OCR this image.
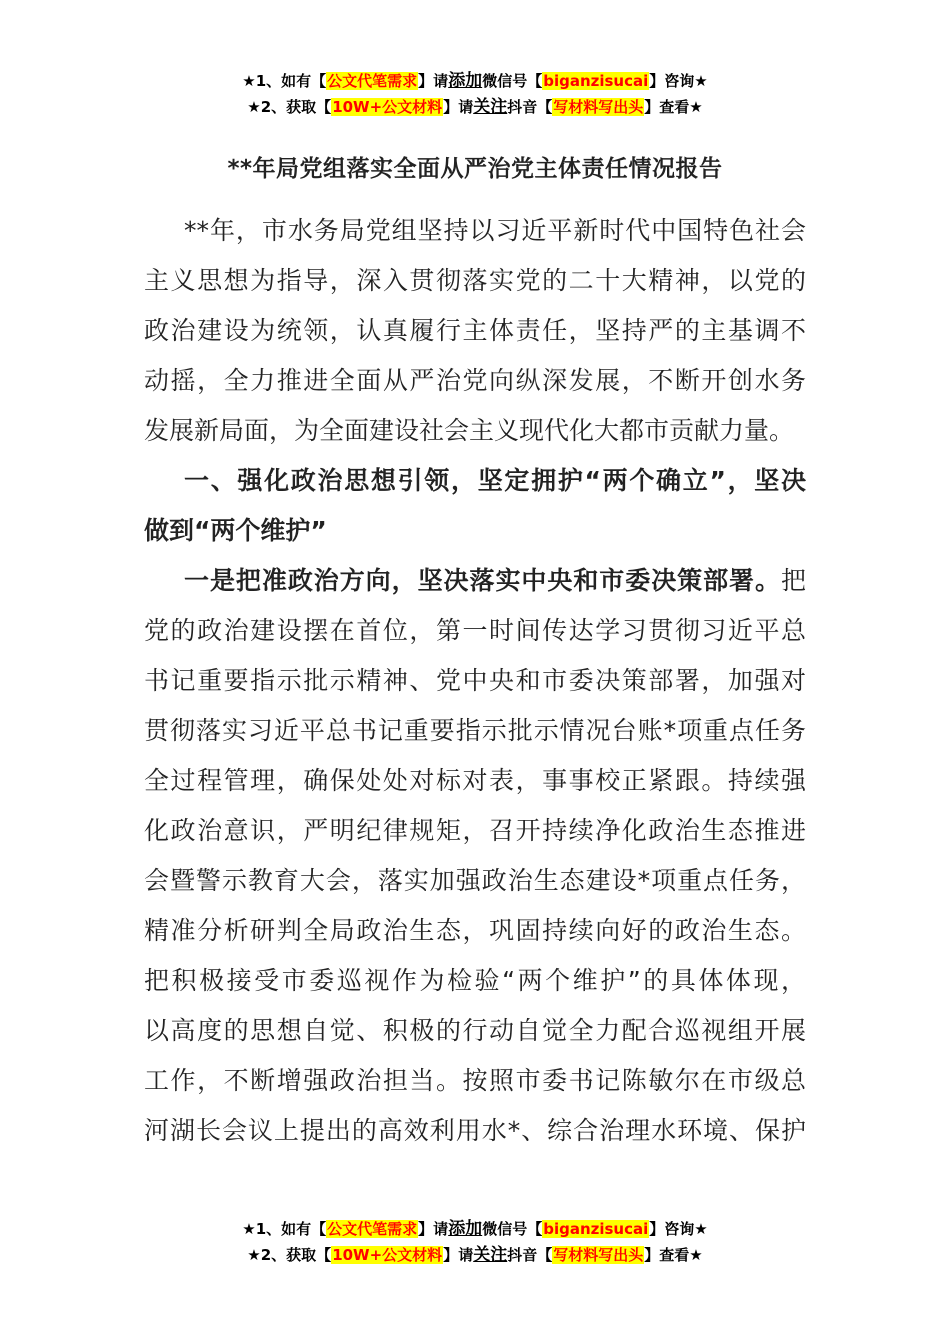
★1、如有【公文代笔需求】请添加微信号【biganzisucai】咨询★
★2、获取【10W+公文材料】请关注抖音【写材料写出头】查看★
**年局党组落实全面从严治党主体责任情况报告
**年，市水务局党组坚持以习近平新时代中国特色社会
主义思想为指导，深入贯彻落实党的二十大精神，以党的
政治建设为统领，认真履行主体责任，坚持严的主基调不
动摇，全力推进全面从严治党向纵深发展，不断开创水务
发展新局面，为全面建设社会主义现代化大都市贡献力量。
一、强化政治思想引领，坚定拥护“两个确立”，坚决
做到“两个维护”
一是把准政治方向，坚决落实中央和市委决策部署。把
党的政治建设摆在首位，第一时间传达学习贯彻习近平总
书记重要指示批示精神、党中央和市委决策部署，加强对
贯彻落实习近平总书记重要指示批示情况台账*项重点任务
全过程管理，确保处处对标对表，事事校正紧跟。持续强
化政治意识，严明纪律规矩，召开持续净化政治生态推进
会暨警示教育大会，落实加强政治生态建设*项重点任务，
精准分析研判全局政治生态，巩固持续向好的政治生态。
把积极接受市委巡视作为检验“两个维护”的具体体现，
以高度的思想自觉、积极的行动自觉全力配合巡视组开展
工作，不断增强政治担当。按照市委书记陈敏尔在市级总
河湖长会议上提出的高效利用水*、综合治理水环境、保护
★1、如有【公文代笔需求】请添加微信号【biganzisucai】咨询★
★2、获取【10W+公文材料】请关注抖音【写材料写出头】查看★
